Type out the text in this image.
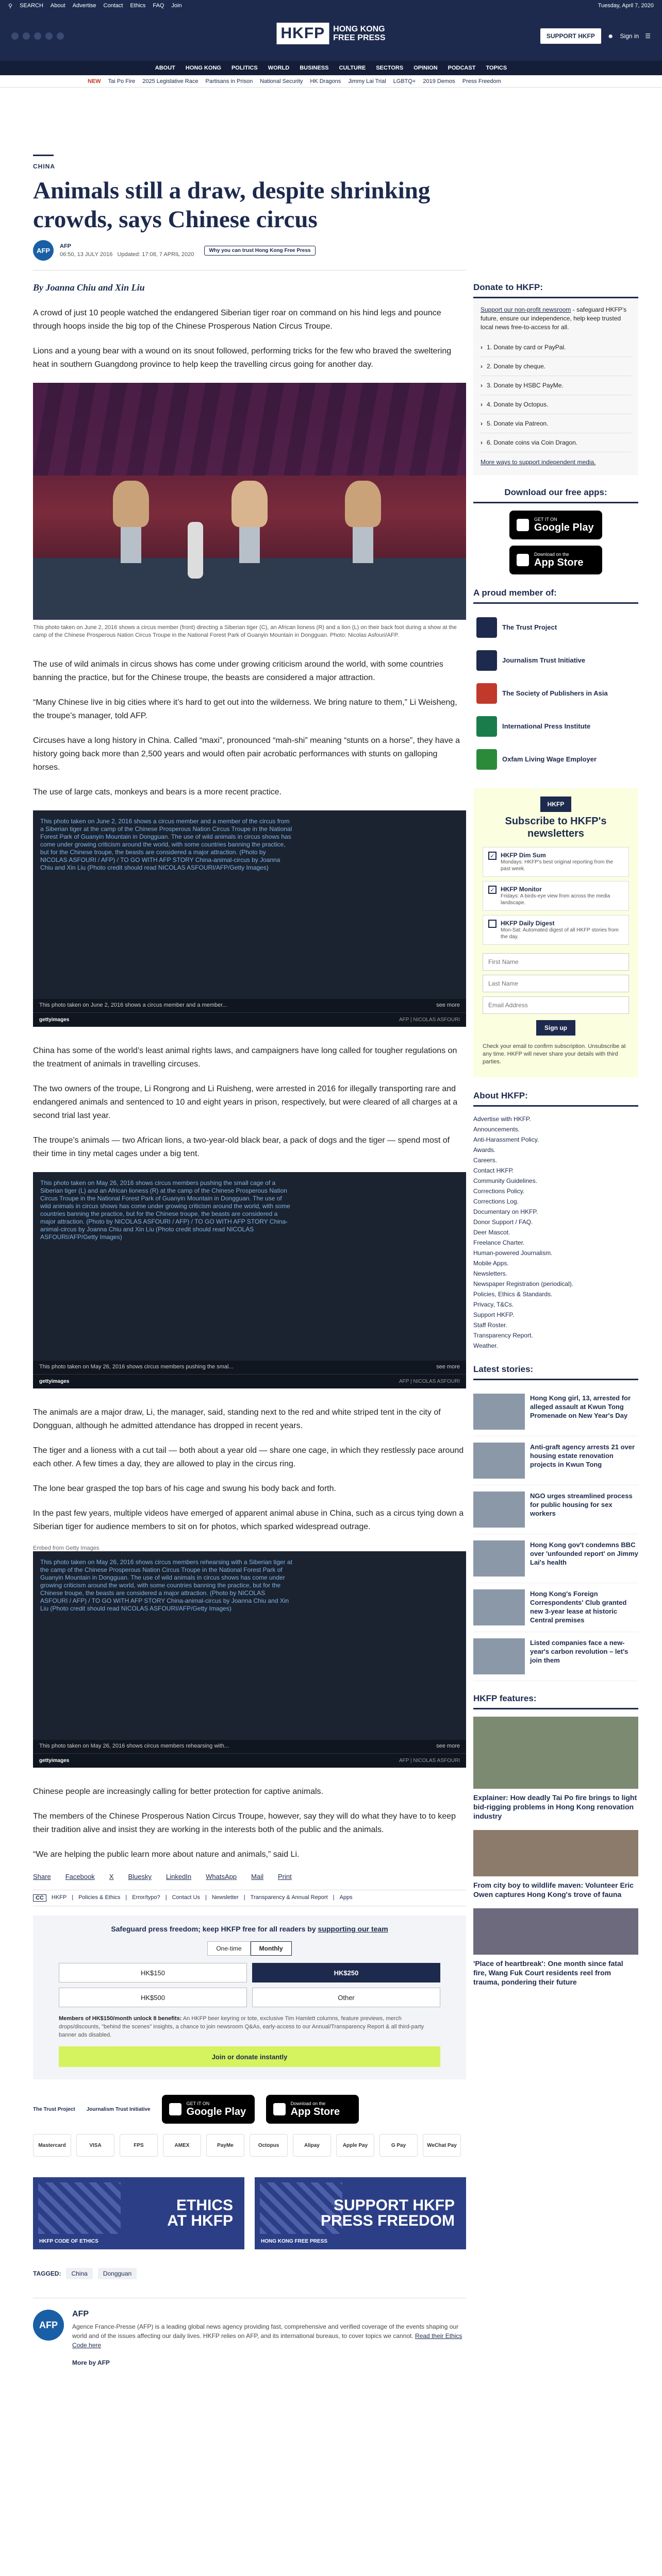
⚲ SEARCH About Advertise Contact Ethics FAQ Join	Tuesday, April 7, 2020
HKFP	HONG KONG
FREE PRESS	SUPPORT HKFP	☻ Sign in ☰
ABOUT HONG KONG POLITICS WORLD BUSINESS CULTURE SECTORS OPINION PODCAST TOPICS
NEW Tai Po Fire 2025 Legislative Race Partisans in Prison National Security HK Dragons Jimmy Lai Trial LGBTQ+ 2019 Demos Press Freedom
CHINA
Animals still a draw, despite shrinking crowds, says Chinese circus
AFP
AFP
06:50, 13 JULY 2016 Updated: 17:08, 7 APRIL 2020
Why you can trust Hong Kong Free Press
By Joanna Chiu and Xin Liu

A crowd of just 10 people watched the endangered Siberian tiger roar on command on his hind legs and pounce through hoops inside the big top of the Chinese Prosperous Nation Circus Troupe.

Lions and a young bear with a wound on its snout followed, performing tricks for the few who braved the sweltering heat in southern Guangdong province to help keep the travelling circus going for another day.

This photo taken on June 2, 2016 shows a circus member (front) directing a Siberian tiger (C), an African lioness (R) and a lion (L) on their back foot during a show at the camp of the Chinese Prosperous Nation Circus Troupe in the National Forest Park of Guanyin Mountain in Dongguan. Photo: Nicolas Asfouri/AFP.

The use of wild animals in circus shows has come under growing criticism around the world, with some countries banning the practice, but for the Chinese troupe, the beasts are considered a major attraction.

“Many Chinese live in big cities where it’s hard to get out into the wilderness. We bring nature to them,” Li Weisheng, the troupe’s manager, told AFP.

Circuses have a long history in China. Called “maxi”, pronounced “mah-shi” meaning “stunts on a horse”, they have a history going back more than 2,500 years and would often pair acrobatic performances with stunts on galloping horses.

The use of large cats, monkeys and bears is a more recent practice.

This photo taken on June 2, 2016 shows a circus member and a member of the circus from a Siberian tiger at the camp of the Chinese Prosperous Nation Circus Troupe in the National Forest Park of Guanyin Mountain in Dongguan. The use of wild animals in circus shows has come under growing criticism around the world, with some countries banning the practice, but for the Chinese troupe, the beasts are considered a major attraction. (Photo by NICOLAS ASFOURI / AFP) / TO GO WITH AFP STORY China-animal-circus by Joanna Chiu and Xin Liu (Photo credit should read NICOLAS ASFOURI/AFP/Getty Images)
This photo taken on June 2, 2016 shows a circus member and a member...	see more
gettyimages	AFP | NICOLAS ASFOURI

China has some of the world’s least animal rights laws, and campaigners have long called for tougher regulations on the treatment of animals in travelling circuses.

The two owners of the troupe, Li Rongrong and Li Ruisheng, were arrested in 2016 for illegally transporting rare and endangered animals and sentenced to 10 and eight years in prison, respectively, but were cleared of all charges at a second trial last year.

The troupe’s animals — two African lions, a two-year-old black bear, a pack of dogs and the tiger — spend most of their time in tiny metal cages under a big tent.

This photo taken on May 26, 2016 shows circus members pushing the small cage of a Siberian tiger (L) and an African lioness (R) at the camp of the Chinese Prosperous Nation Circus Troupe in the National Forest Park of Guanyin Mountain in Dongguan. The use of wild animals in circus shows has come under growing criticism around the world, with some countries banning the practice, but for the Chinese troupe, the beasts are considered a major attraction. (Photo by NICOLAS ASFOURI / AFP) / TO GO WITH AFP STORY China-animal-circus by Joanna Chiu and Xin Liu (Photo credit should read NICOLAS ASFOURI/AFP/Getty Images)
This photo taken on May 26, 2016 shows circus members pushing the smal...	see more
gettyimages	AFP | NICOLAS ASFOURI

The animals are a major draw, Li, the manager, said, standing next to the red and white striped tent in the city of Dongguan, although he admitted attendance has dropped in recent years.

The tiger and a lioness with a cut tail — both about a year old — share one cage, in which they restlessly pace around each other. A few times a day, they are allowed to play in the circus ring.

The lone bear grasped the top bars of his cage and swung his body back and forth.

In the past few years, multiple videos have emerged of apparent animal abuse in China, such as a circus tying down a Siberian tiger for audience members to sit on for photos, which sparked widespread outrage.

Embed from Getty Images
This photo taken on May 26, 2016 shows circus members rehearsing with a Siberian tiger at the camp of the Chinese Prosperous Nation Circus Troupe in the National Forest Park of Guanyin Mountain in Dongguan. The use of wild animals in circus shows has come under growing criticism around the world, with some countries banning the practice, but for the Chinese troupe, the beasts are considered a major attraction. (Photo by NICOLAS ASFOURI / AFP) / TO GO WITH AFP STORY China-animal-circus by Joanna Chiu and Xin Liu (Photo credit should read NICOLAS ASFOURI/AFP/Getty Images)
This photo taken on May 26, 2016 shows circus members rehearsing with...	see more
gettyimages	AFP | NICOLAS ASFOURI

Chinese people are increasingly calling for better protection for captive animals.

The members of the Chinese Prosperous Nation Circus Troupe, however, say they will do what they have to to keep their tradition alive and insist they are working in the interests both of the public and the animals.

“We are helping the public learn more about nature and animals,” said Li.

Share Facebook X Bluesky LinkedIn WhatsApp Mail Print
CC	HKFP | Policies & Ethics | Error/typo? | Contact Us | Newsletter | Transparency & Annual Report | Apps
Safeguard press freedom; keep HKFP free for all readers by supporting our team
One-time	Monthly
HK$150	HK$250
HK$500	Other
Members of HK$150/month unlock 8 benefits: An HKFP beer keyring or tote, exclusive Tim Hamlett columns, feature previews, merch drops/discounts, "behind the scenes" insights, a chance to join newsroom Q&As, early-access to our Annual/Transparency Report & all third-party banner ads disabled.
Join or donate instantly
The Trust Project Journalism Trust Initiative
GET IT ON
Google Play
Download on the
App Store
Mastercard	VISA	FPS	AMEX	PayMe	Octopus	Alipay	Apple Pay	G Pay	WeChat Pay
ETHICS
AT HKFP
HKFP CODE OF ETHICS
SUPPORT HKFP
PRESS FREEDOM
HONG KONG FREE PRESS
TAGGED:	China	Dongguan
AFP
AFP

Agence France-Presse (AFP) is a leading global news agency providing fast, comprehensive and verified coverage of the events shaping our world and of the issues affecting our daily lives. HKFP relies on AFP, and its international bureaus, to cover topics we cannot. Read their Ethics Code here

More by AFP
Donate to HKFP:

Support our non-profit newsroom - safeguard HKFP's future, ensure our independence, help keep trusted local news free-to-access for all.

› 1. Donate by card or PayPal.
› 2. Donate by cheque.
› 3. Donate by HSBC PayMe.
› 4. Donate by Octopus.
› 5. Donate via Patreon.
› 6. Donate coins via Coin Dragon.
More ways to support independent media.
Download our free apps:
GET IT ON
Google Play
Download on the
App Store
A proud member of:
The Trust Project
Journalism Trust Initiative
The Society of Publishers in Asia
International Press Institute
Oxfam Living Wage Employer
HKFP
Subscribe to HKFP's newsletters
✓ HKFP Dim Sum
Mondays: HKFP's best original reporting from the past week.
✓ HKFP Monitor
Fridays: A birds-eye view from across the media landscape.
HKFP Daily Digest
Mon-Sat: Automated digest of all HKFP stories from the day.
First Name Last Name Email Address Sign up
Check your email to confirm subscription. Unsubscribe at any time. HKFP will never share your details with third parties.
About HKFP:
Advertise with HKFP.
Announcements.
Anti-Harassment Policy.
Awards.
Careers.
Contact HKFP.
Community Guidelines.
Corrections Policy.
Corrections Log.
Documentary on HKFP.
Donor Support / FAQ.
Deer Mascot.
Freelance Charter.
Human-powered Journalism.
Mobile Apps.
Newsletters.
Newspaper Registration (periodical).
Policies, Ethics & Standards.
Privacy, T&Cs.
Support HKFP.
Staff Roster.
Transparency Report.
Weather.
Latest stories:
Hong Kong girl, 13, arrested for alleged assault at Kwun Tong Promenade on New Year's Day
Anti-graft agency arrests 21 over housing estate renovation projects in Kwun Tong
NGO urges streamlined process for public housing for sex workers
Hong Kong gov't condemns BBC over 'unfounded report' on Jimmy Lai's health
Hong Kong's Foreign Correspondents' Club granted new 3-year lease at historic Central premises
Listed companies face a new-year's carbon revolution – let's join them
HKFP features:
Explainer: How deadly Tai Po fire brings to light bid-rigging problems in Hong Kong renovation industry
From city boy to wildlife maven: Volunteer Eric Owen captures Hong Kong's trove of fauna
'Place of heartbreak': One month since fatal fire, Wang Fuk Court residents reel from trauma, pondering their future
